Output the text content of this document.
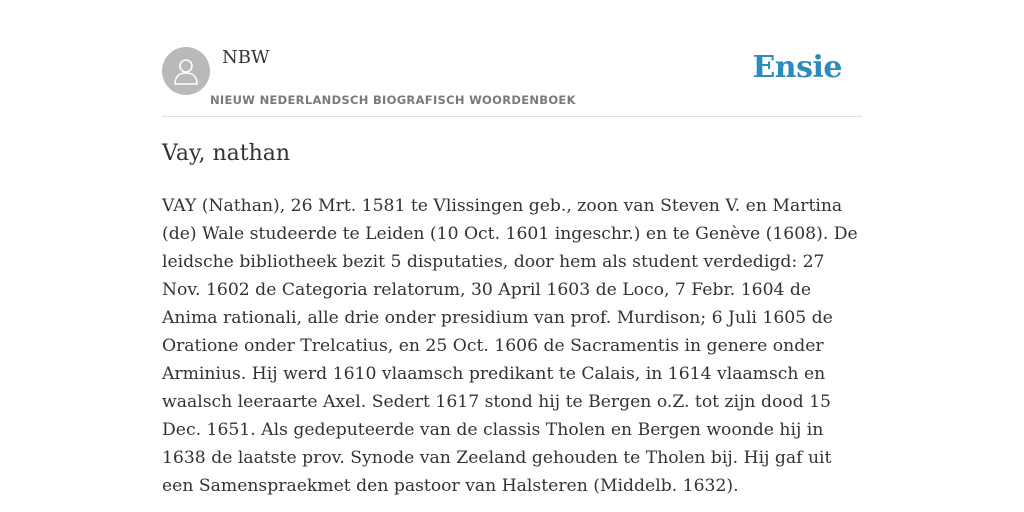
NBW
NIEUW NEDERLANDSCH BIOGRAFISCH WOORDENBOEK
Ensie
Vay, nathan

VAY (Nathan), 26 Mrt. 1581 te Vlissingen geb., zoon van Steven V. en Martina (de) Wale studeerde te Leiden (10 Oct. 1601 ingeschr.) en te Genève (1608). De leidsche bibliotheek bezit 5 disputaties, door hem als student verdedigd: 27 Nov. 1602 de Categoria relatorum, 30 April 1603 de Loco, 7 Febr. 1604 de Anima rationali, alle drie onder presidium van prof. Murdison; 6 Juli 1605 de Oratione onder Trelcatius, en 25 Oct. 1606 de Sacramentis in genere onder Arminius. Hij werd 1610 vlaamsch predikant te Calais, in 1614 vlaamsch en waalsch leeraarte Axel. Sedert 1617 stond hij te Bergen o.Z. tot zijn dood 15 Dec. 1651. Als gedeputeerde van de classis Tholen en Bergen woonde hij in 1638 de laatste prov. Synode van Zeeland gehouden te Tholen bij. Hij gaf uit een Samenspraekmet den pastoor van Halsteren (Middelb. 1632).
